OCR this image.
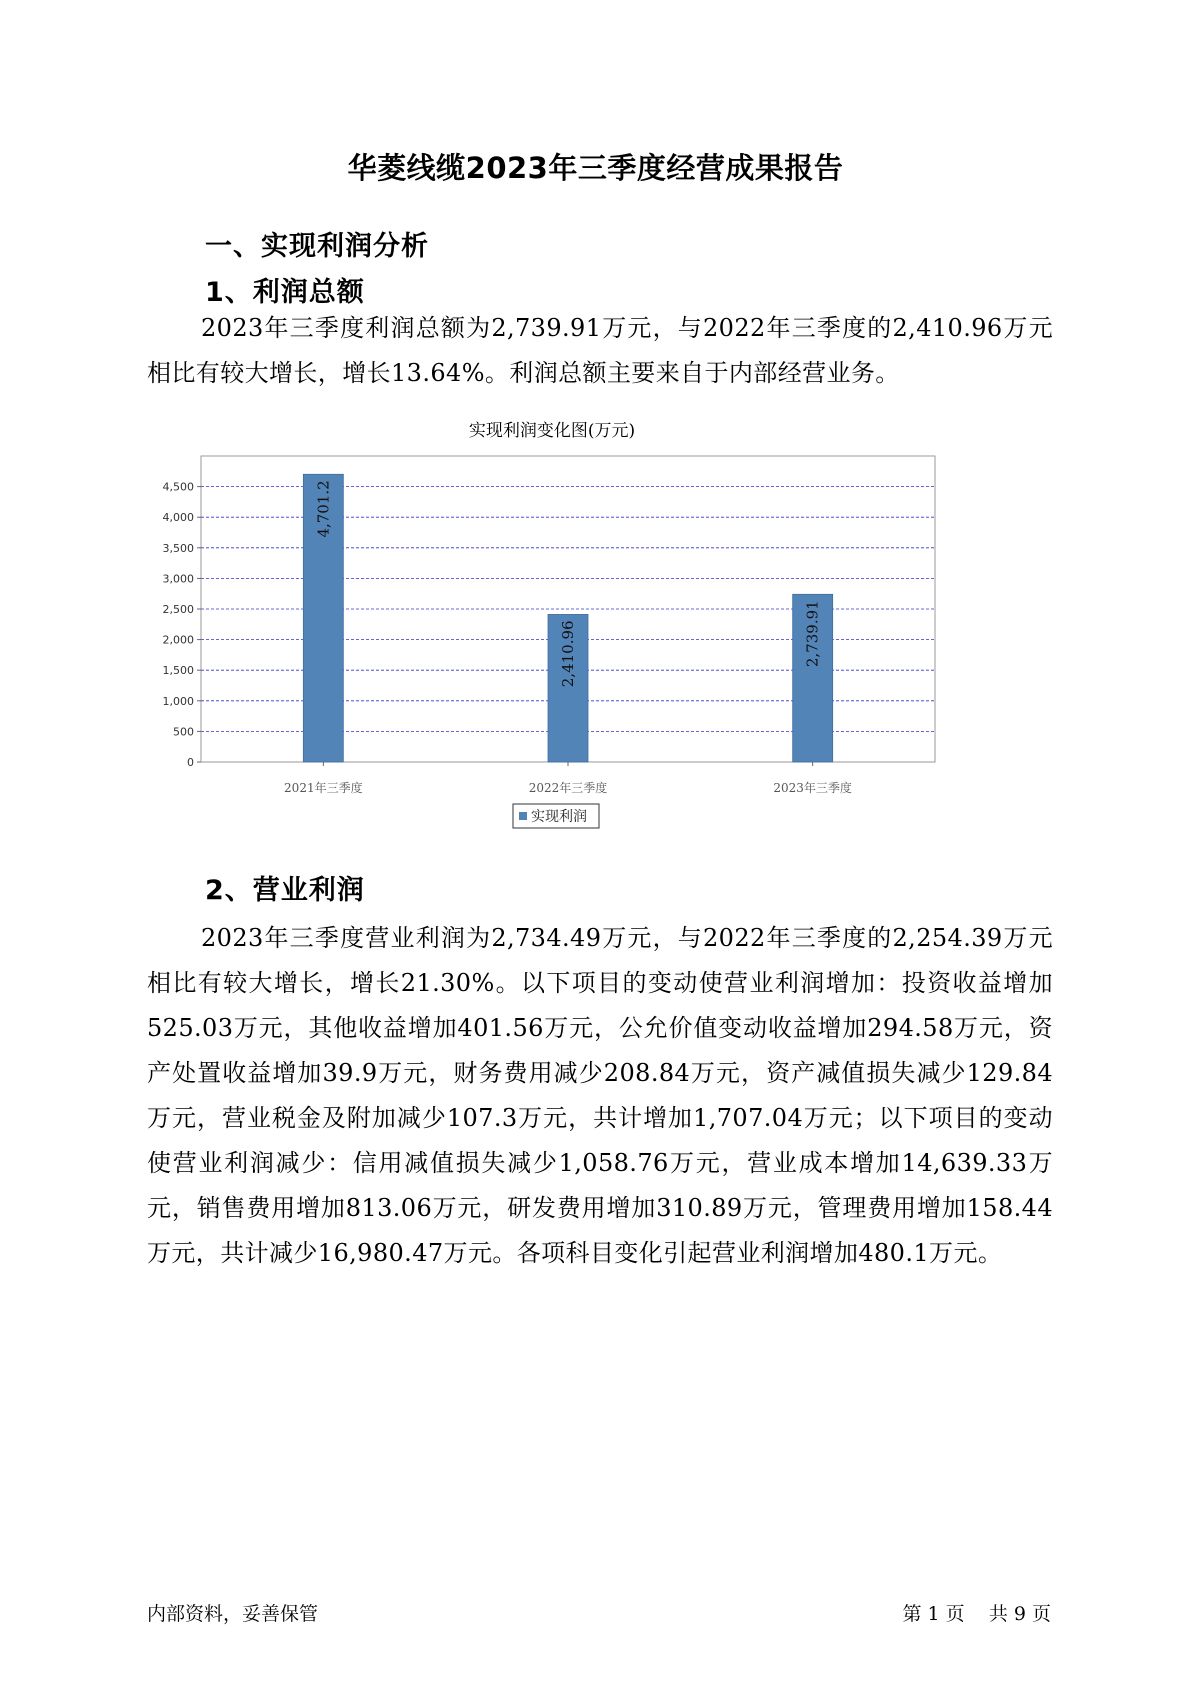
华菱线缆2023年三季度经营成果报告
一、实现利润分析
1、利润总额
2023年三季度利润总额为2,739.91万元，与2022年三季度的2,410.96万元相比有较大增长，增长13.64%。利润总额主要来自于内部经营业务。
实现利润变化图(万元)
0
500
1,000
1,500
2,000
2,500
3,000
3,500
4,000
4,500	4,701.2
2021年三季度
2,410.96
2022年三季度
2,739.91
2023年三季度
实现利润
2、营业利润
2023年三季度营业利润为2,734.49万元，与2022年三季度的2,254.39万元相比有较大增长，增长21.30%。以下项目的变动使营业利润增加：投资收益增加525.03万元，其他收益增加401.56万元，公允价值变动收益增加294.58万元，资产处置收益增加39.9万元，财务费用减少208.84万元，资产减值损失减少129.84万元，营业税金及附加减少107.3万元，共计增加1,707.04万元；以下项目的变动使营业利润减少：信用减值损失减少1,058.76万元，营业成本增加14,639.33万元，销售费用增加813.06万元，研发费用增加310.89万元，管理费用增加158.44万元，共计减少16,980.47万元。各项科目变化引起营业利润增加480.1万元。
内部资料，妥善保管	第 1 页    共 9 页
